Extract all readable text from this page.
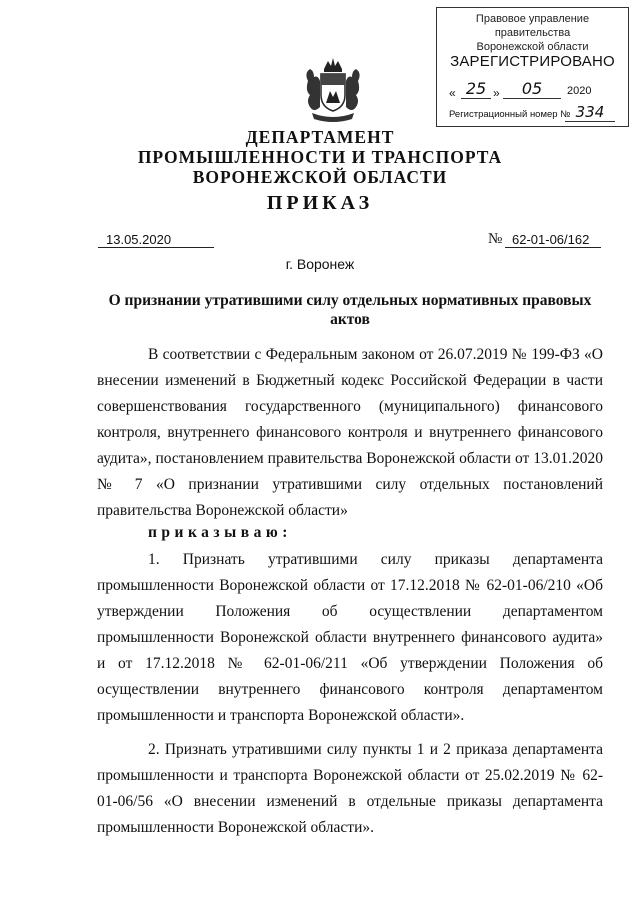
Правовое управление правительства
Воронежской области
ЗАРЕГИСТРИРОВАНО
« 25 »	05	2020
Регистрационный номер № 334
ДЕПАРТАМЕНТ
ПРОМЫШЛЕННОСТИ И ТРАНСПОРТА
ВОРОНЕЖСКОЙ ОБЛАСТИ
ПРИКАЗ
13.05.2020	№ 62-01-06/162
г. Воронеж
О признании утратившими силу отдельных нормативных правовых актов
В соответствии с Федеральным законом от 26.07.2019 № 199-ФЗ «О внесении изменений в Бюджетный кодекс Российской Федерации в части совершенствования государственного (муниципального) финансового контроля, внутреннего финансового контроля и внутреннего финансового аудита», постановлением правительства Воронежской области от 13.01.2020 № 7 «О признании утратившими силу отдельных постановлений правительства Воронежской области»
приказываю:
1. Признать утратившими силу приказы департамента промышленности Воронежской области от 17.12.2018 № 62-01-06/210 «Об утверждении Положения об осуществлении департаментом промышленности Воронежской области внутреннего финансового аудита» и от 17.12.2018 № 62-01-06/211 «Об утверждении Положения об осуществлении внутреннего финансового контроля департаментом промышленности и транспорта Воронежской области».
2. Признать утратившими силу пункты 1 и 2 приказа департамента промышленности и транспорта Воронежской области от 25.02.2019 № 62-01-06/56 «О внесении изменений в отдельные приказы департамента промышленности Воронежской области».
